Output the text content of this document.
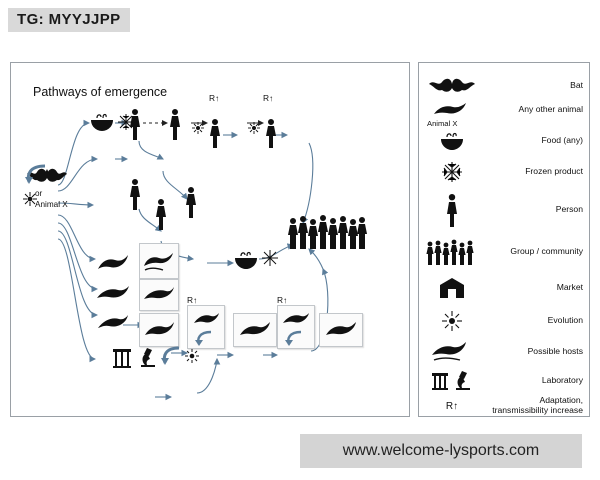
TG: MYYJJPP
Pathways of emergence
or
Animal X
R↑	R↑
R↑	R↑
Bat
Any other animal
Animal X
Food (any)
Frozen product
Person
Group / community
Market
Evolution
Possible hosts
Laboratory
R↑
Adaptation, transmissibility increase
www.welcome-lysports.com
